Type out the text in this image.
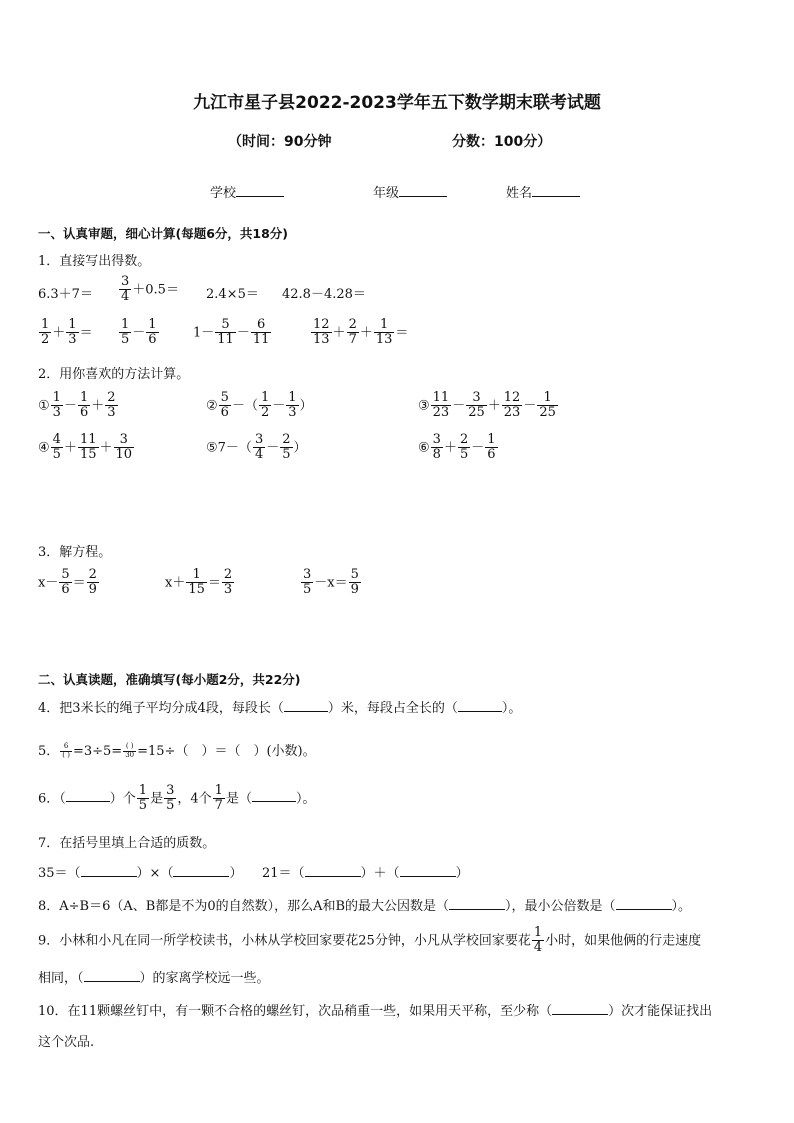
九江市星子县2022-2023学年五下数学期末联考试题
（时间：90分钟	分数：100分）
学校	年级	姓名
一、认真审题，细心计算(每题6分，共18分)
1．直接写出得数。
$6.3+7= \frac{3}{4} +0.5= 2.4\times 5= 42.8-4.28=$
$\frac{1}{2} + \frac{1}{3} = \frac{1}{5} - \frac{1}{6}$	$1- \frac{5}{11} - \frac{6}{11}$	$\frac{12}{13} + \frac{2}{7} + \frac{1}{13}$ ＝
2．用你喜欢的方法计算。
① $\frac{1}{3} - \frac{1}{6} + \frac{2}{3}$	② $\frac{5}{6}$ －（ $\frac{1}{2} - \frac{1}{3}$ ）	③ $\frac{11}{23} - \frac{3}{25} + \frac{12}{23} - \frac{1}{25}$
④ $\frac{4}{5} + \frac{11}{15} + \frac{3}{10}$	⑤7－（ $\frac{3}{4} - \frac{2}{5}$ ）	⑥ $\frac{3}{8} + \frac{2}{5} - \frac{1}{6}$
3．解方程。
$x- \frac{5}{6} = \frac{2}{9}$	$x+ \frac{1}{15} = \frac{2}{3}$	$\frac{3}{5} -x= \frac{5}{9}$
二、认真读题，准确填写(每小题2分，共22分)
4．把3米长的绳子平均分成4段，每段长（	）米，每段占全长的（	）。
5． $\frac{6}{( )} =3\div 5= \frac{( )}{30} =15\div$（　）＝（　）(小数)。
6．（	）个 $\frac{1}{5}$ 是 $\frac{3}{5}$ ，4个 $\frac{1}{7}$ 是（	）。
7．在括号里填上合适的质数。
35＝（	）×（	） 21＝（	）＋（	）
8．A÷B＝6（A、B都是不为0的自然数），那么A和B的最大公因数是（	），最小公倍数是（	）。
9．小林和小凡在同一所学校读书，小林从学校回家要花25分钟，小凡从学校回家要花 $\frac{1}{4}$ 小时，如果他俩的行走速度
相同，（	）的家离学校远一些。
10．在11颗螺丝钉中，有一颗不合格的螺丝钉，次品稍重一些，如果用天平称，至少称（	）次才能保证找出
这个次品.
